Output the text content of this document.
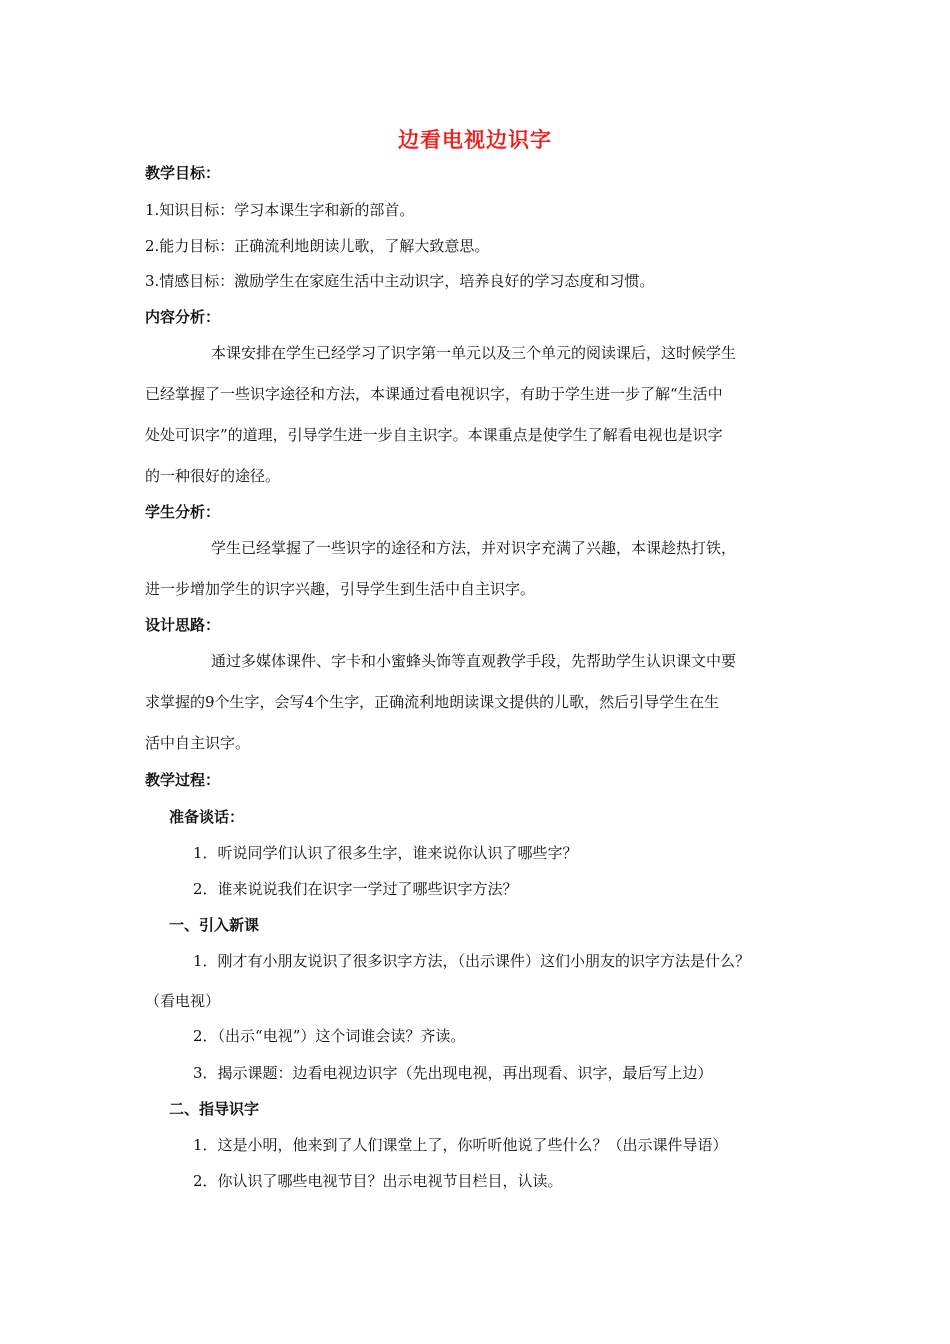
边看电视边识字
教学目标：
1.知识目标：学习本课生字和新的部首。
2.能力目标：正确流利地朗读儿歌，了解大致意思。
3.情感目标：激励学生在家庭生活中主动识字，培养良好的学习态度和习惯。
内容分析：
本课安排在学生已经学习了识字第一单元以及三个单元的阅读课后，这时候学生
已经掌握了一些识字途径和方法，本课通过看电视识字，有助于学生进一步了解“生活中
处处可识字”的道理，引导学生进一步自主识字。本课重点是使学生了解看电视也是识字
的一种很好的途径。
学生分析：
学生已经掌握了一些识字的途径和方法，并对识字充满了兴趣，本课趁热打铁，
进一步增加学生的识字兴趣，引导学生到生活中自主识字。
设计思路：
通过多媒体课件、字卡和小蜜蜂头饰等直观教学手段，先帮助学生认识课文中要
求掌握的9个生字，会写4个生字，正确流利地朗读课文提供的儿歌，然后引导学生在生
活中自主识字。
教学过程：
准备谈话：
1．听说同学们认识了很多生字，谁来说你认识了哪些字？
2．谁来说说我们在识字一学过了哪些识字方法？
一、引入新课
1．刚才有小朋友说识了很多识字方法，（出示课件）这们小朋友的识字方法是什么？
（看电视）
2．（出示“电视”）这个词谁会读？齐读。
3．揭示课题：边看电视边识字（先出现电视，再出现看、识字，最后写上边）
二、指导识字
1．这是小明，他来到了人们课堂上了，你听听他说了些什么？（出示课件导语）
2．你认识了哪些电视节目？出示电视节目栏目，认读。
